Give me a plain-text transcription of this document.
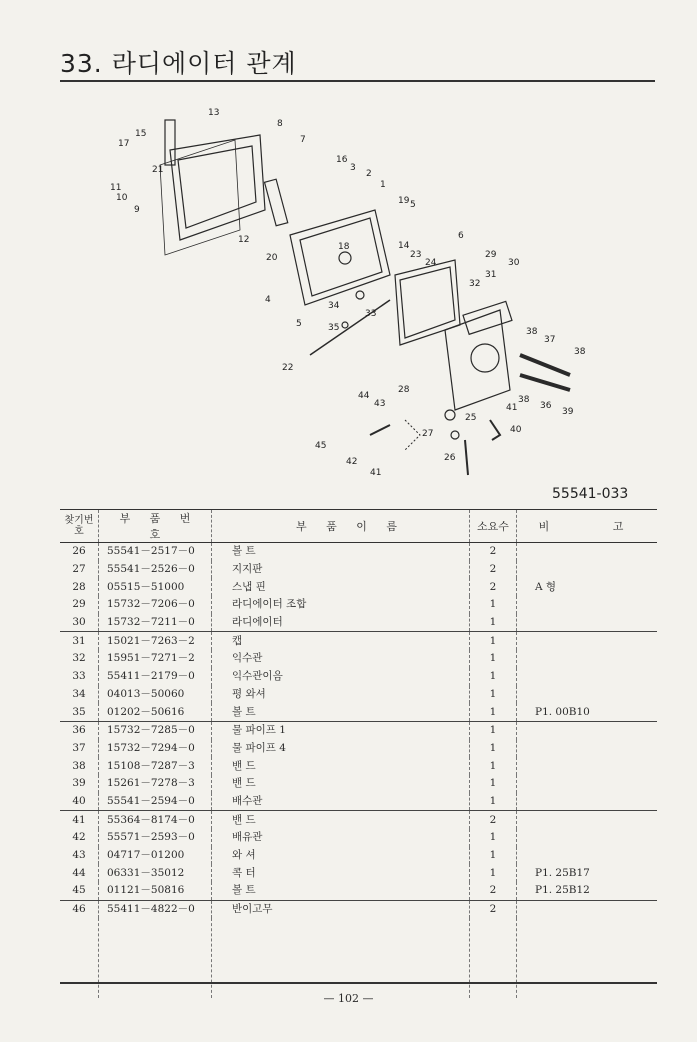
33. 라디에이터 관계
13
8
7
15
17
21
11
10
9
16
3
2
1
19 5
12
20
18	14
23
24
6
29
30
31
32
4
34
33
5	35
22
38
37
38
28
38
41	36
39
44
43
25
40
27
45
26
42
41
55541-033
찾기번호	부 품 번 호	부 품 이 름	소요수	비 고
26	55541－2517－0	볼 트	2	
27	55541－2526－0	지지판	2	
28	05515－51000	스냅 핀	2	A 형
29	15732－7206－0	라디에이터 조합	1	
30	15732－7211－0	라디에이터	1	
31	15021－7263－2	캡	1	
32	15951－7271－2	익수관	1	
33	55411－2179－0	익수관이음	1	
34	04013－50060	평 와셔	1	
35	01202－50616	볼 트	1	P1. 00B10
36	15732－7285－0	물 파이프 1	1	
37	15732－7294－0	물 파이프 4	1	
38	15108－7287－3	밴 드	1	
39	15261－7278－3	밴 드	1	
40	55541－2594－0	배수관	1	
41	55364－8174－0	밴 드	2	
42	55571－2593－0	배유관	1	
43	04717－01200	와 셔	1	
44	06331－35012	콕 터	1	P1. 25B17
45	01121－50816	볼 트	2	P1. 25B12
46	55411－4822－0	반이고무	2	

— 102 —
